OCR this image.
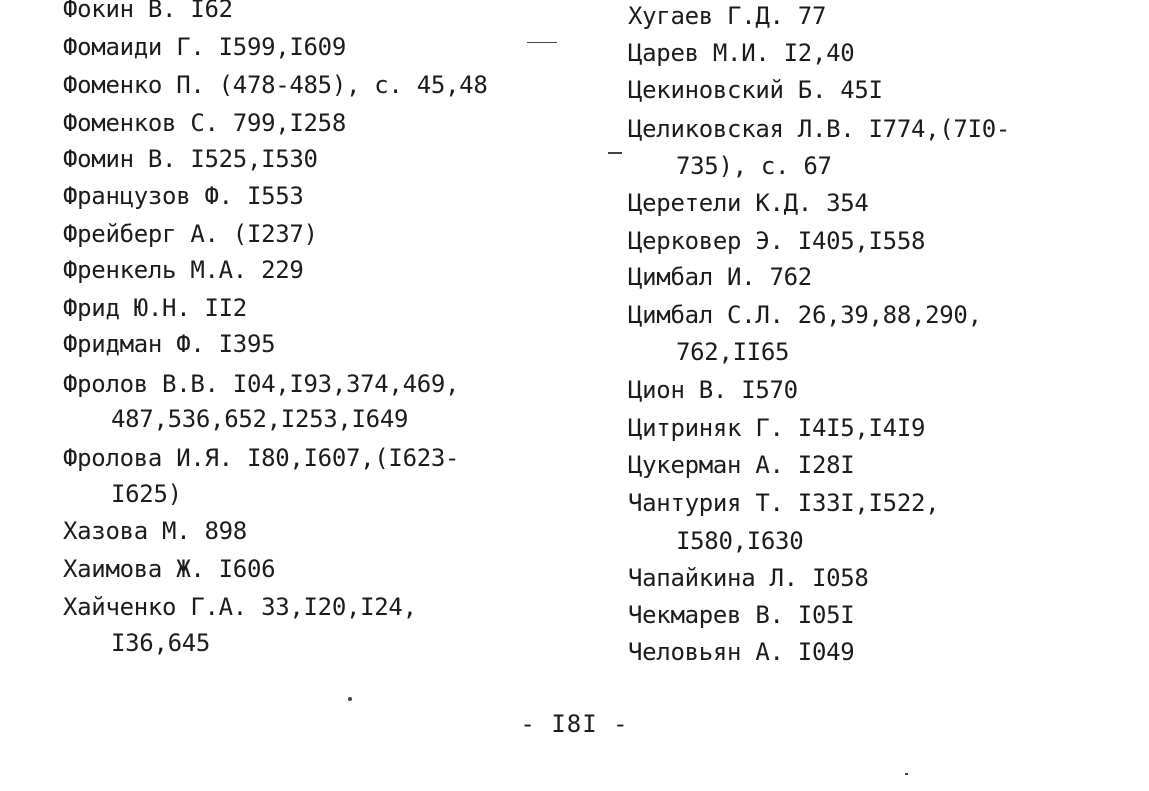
Фокин В. I62
Фомаиди Г. I599,I609
Фоменко П. (478-485), с. 45,48
Фоменков С. 799,I258
Фомин В. I525,I530
Французов Ф. I553
Фрейберг А. (I237)
Френкель М.А. 229
Фрид Ю.Н. II2
Фридман Ф. I395
Фролов В.В. I04,I93,374,469,
487,536,652,I253,I649
Фролова И.Я. I80,I607,(I623-
I625)
Хазова М. 898
Хаимова Ж. I606
Хайченко Г.А. 33,I20,I24,
I36,645
Хугаев Г.Д. 77
Царев М.И. I2,40
Цекиновский Б. 45I
Целиковская Л.В. I774,(7I0-
735), с. 67
Церетели К.Д. 354
Церковер Э. I405,I558
Цимбал И. 762
Цимбал С.Л. 26,39,88,290,
762,II65
Цион В. I570
Цитриняк Г. I4I5,I4I9
Цукерман А. I28I
Чантурия Т. I33I,I522,
I580,I630
Чапайкина Л. I058
Чекмарев В. I05I
Человьян А. I049
- I8I -
